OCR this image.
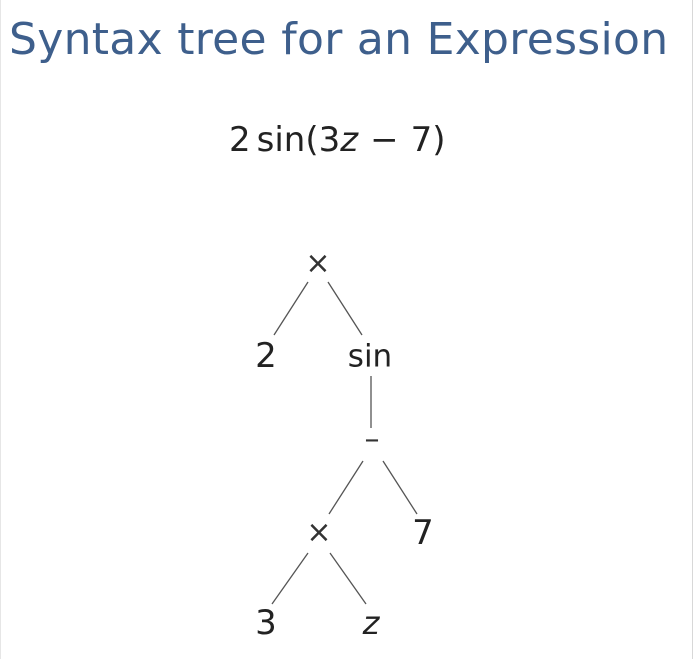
Syntax tree for an Expression
2 sin(3z − 7)
×
2 sin
–
× 7
3	z
